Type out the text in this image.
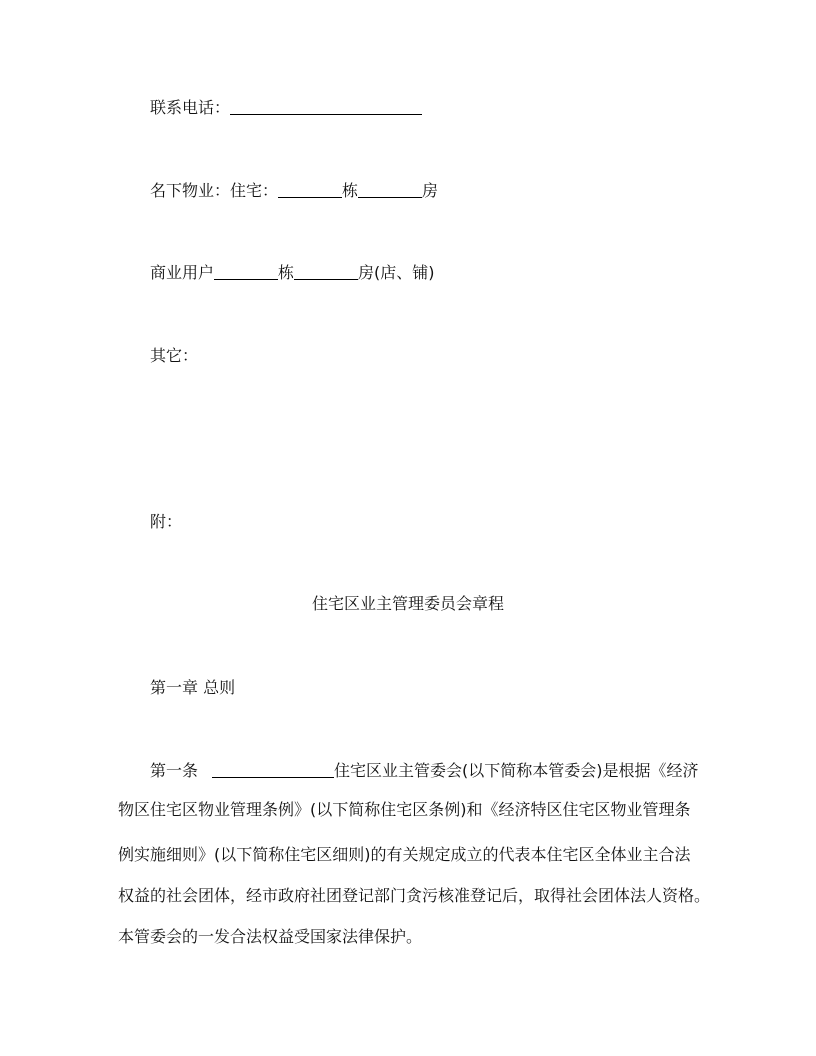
联系电话：
名下物业：住宅：	栋	房
商业用户	栋	房(店、铺)
其它：
附：
住宅区业主管理委员会章程
第一章 总则
第一条	住宅区业主管委会(以下简称本管委会)是根据《经济
物区住宅区物业管理条例》(以下简称住宅区条例)和《经济特区住宅区物业管理条
例实施细则》(以下简称住宅区细则)的有关规定成立的代表本住宅区全体业主合法
权益的社会团体，经市政府社团登记部门贪污核准登记后，取得社会团体法人资格。
本管委会的一发合法权益受国家法律保护。
